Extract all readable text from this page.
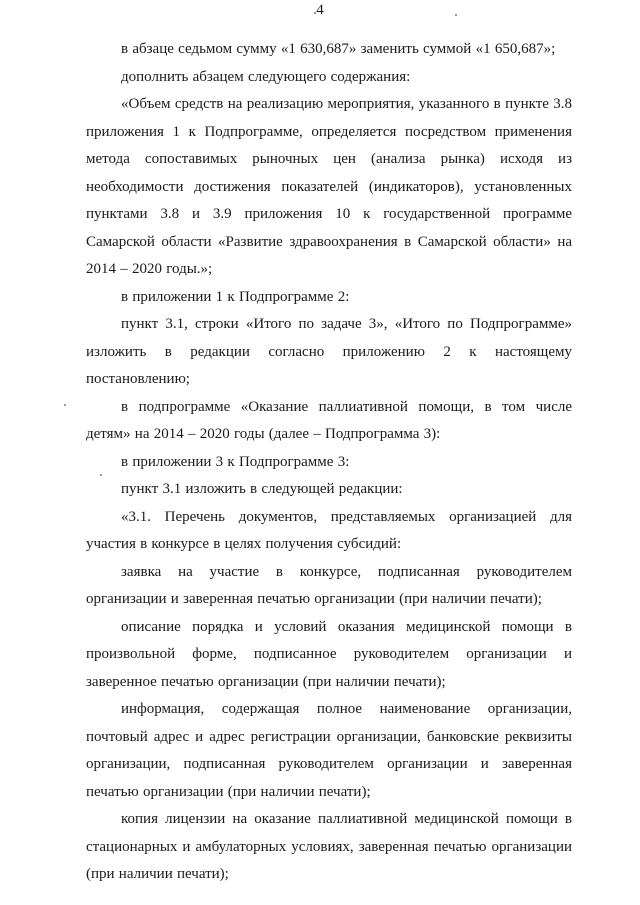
4

в абзаце седьмом сумму «1 630,687» заменить суммой «1 650,687»;

дополнить абзацем следующего содержания:

«Объем средств на реализацию мероприятия, указанного в пункте 3.8 приложения 1 к Подпрограмме, определяется посредством применения метода сопоставимых рыночных цен (анализа рынка) исходя из необходимости достижения показателей (индикаторов), установленных пунктами 3.8 и 3.9 приложения 10 к государственной программе Самарской области «Развитие здравоохранения в Самарской области» на 2014 – 2020 годы.»;

в приложении 1 к Подпрограмме 2:

пункт 3.1, строки «Итого по задаче 3», «Итого по Подпрограмме» изложить в редакции согласно приложению 2 к настоящему постановлению;

в подпрограмме «Оказание паллиативной помощи, в том числе детям» на 2014 – 2020 годы (далее – Подпрограмма 3):

в приложении 3 к Подпрограмме 3:

пункт 3.1 изложить в следующей редакции:

«3.1. Перечень документов, представляемых организацией для участия в конкурсе в целях получения субсидий:

заявка на участие в конкурсе, подписанная руководителем организации и заверенная печатью организации (при наличии печати);

описание порядка и условий оказания медицинской помощи в произвольной форме, подписанное руководителем организации и заверенное печатью организации (при наличии печати);

информация, содержащая полное наименование организации, почтовый адрес и адрес регистрации организации, банковские реквизиты организации, подписанная руководителем организации и заверенная печатью организации (при наличии печати);

копия лицензии на оказание паллиативной медицинской помощи в стационарных и амбулаторных условиях, заверенная печатью организации (при наличии печати);
